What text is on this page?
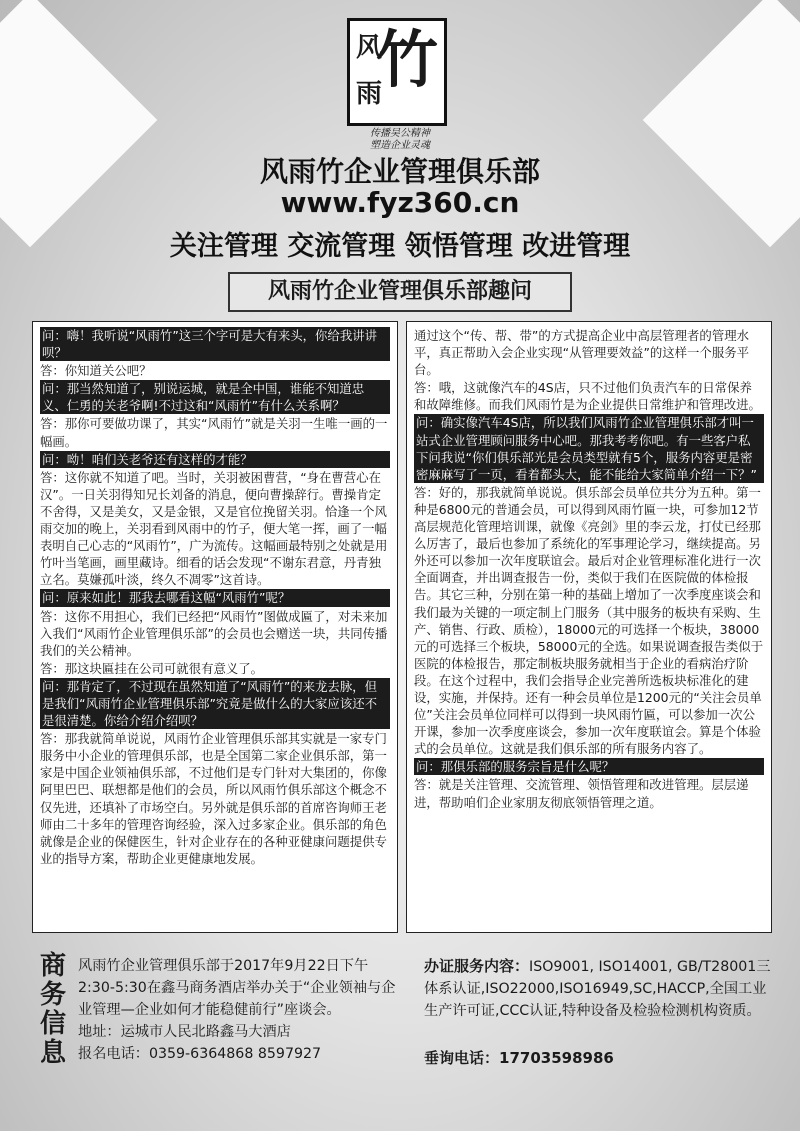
风
雨
竹
传播吴公精神
塑造企业灵魂
风雨竹企业管理俱乐部
www.fyz360.cn
关注管理 交流管理 领悟管理 改进管理
风雨竹企业管理俱乐部趣问
问：嗨！我听说“风雨竹”这三个字可是大有来头，你给我讲讲呗？
答：你知道关公吧？
问：那当然知道了，别说运城，就是全中国，谁能不知道忠义、仁勇的关老爷啊!不过这和“风雨竹”有什么关系啊？
答：那你可要做功课了，其实“风雨竹”就是关羽一生唯一画的一幅画。
问：呦！咱们关老爷还有这样的才能？
答：这你就不知道了吧。当时，关羽被困曹营，“身在曹营心在汉”。一日关羽得知兄长刘备的消息，便向曹操辞行。曹操肯定不舍得，又是美女，又是金银，又是官位挽留关羽。恰逢一个风雨交加的晚上，关羽看到风雨中的竹子，便大笔一挥，画了一幅表明自己心志的“风雨竹”，广为流传。这幅画最特别之处就是用竹叶当笔画，画里藏诗。细看的话会发现“不谢东君意，丹青独立名。莫嫌孤叶淡，终久不凋零”这首诗。
问：原来如此！那我去哪看这幅“风雨竹”呢？
答：这你不用担心，我们已经把“风雨竹”图做成匾了，对未来加入我们“风雨竹企业管理俱乐部”的会员也会赠送一块，共同传播我们的关公精神。
答：那这块匾挂在公司可就很有意义了。
问：那肯定了，不过现在虽然知道了“风雨竹”的来龙去脉，但是我们“风雨竹企业管理俱乐部”究竟是做什么的大家应该还不是很清楚。你给介绍介绍呗？
答：那我就简单说说，风雨竹企业管理俱乐部其实就是一家专门服务中小企业的管理俱乐部，也是全国第二家企业俱乐部，第一家是中国企业领袖俱乐部，不过他们是专门针对大集团的，你像阿里巴巴、联想都是他们的会员，所以风雨竹俱乐部这个概念不仅先进，还填补了市场空白。另外就是俱乐部的首席咨询师王老师由二十多年的管理咨询经验，深入过多家企业。俱乐部的角色就像是企业的保健医生，针对企业存在的各种亚健康问题提供专业的指导方案，帮助企业更健康地发展。
通过这个“传、帮、带”的方式提高企业中高层管理者的管理水平，真正帮助入会企业实现“从管理要效益”的这样一个服务平台。
答：哦，这就像汽车的4S店，只不过他们负责汽车的日常保养和故障维修。而我们风雨竹是为企业提供日常维护和管理改进。
问：确实像汽车4S店，所以我们风雨竹企业管理俱乐部才叫一站式企业管理顾问服务中心吧。那我考考你吧。有一些客户私下问我说“你们俱乐部光是会员类型就有5个，服务内容更是密密麻麻写了一页，看着都头大，能不能给大家简单介绍一下？”
答：好的，那我就简单说说。俱乐部会员单位共分为五种。第一种是6800元的普通会员，可以得到风雨竹匾一块，可参加12节高层规范化管理培训课，就像《亮剑》里的李云龙，打仗已经那么厉害了，最后也参加了系统化的军事理论学习，继续提高。另外还可以参加一次年度联谊会。最后对企业管理标准化进行一次全面调查，并出调查报告一份，类似于我们在医院做的体检报告。其它三种，分别在第一种的基础上增加了一次季度座谈会和我们最为关键的一项定制上门服务（其中服务的板块有采购、生产、销售、行政、质检），18000元的可选择一个板块，38000元的可选择三个板块，58000元的全选。如果说调查报告类似于医院的体检报告，那定制板块服务就相当于企业的看病治疗阶段。在这个过程中，我们会指导企业完善所选板块标准化的建设，实施，并保持。还有一种会员单位是1200元的“关注会员单位”关注会员单位同样可以得到一块风雨竹匾，可以参加一次公开课，参加一次季度座谈会，参加一次年度联谊会。算是个体验式的会员单位。这就是我们俱乐部的所有服务内容了。
问：那俱乐部的服务宗旨是什么呢？
答：就是关注管理、交流管理、领悟管理和改进管理。层层递进，帮助咱们企业家朋友彻底领悟管理之道。
商务信息
风雨竹企业管理俱乐部于2017年9月22日下午2:30-5:30在鑫马商务酒店举办关于“企业领袖与企业管理—企业如何才能稳健前行”座谈会。
地址：运城市人民北路鑫马大酒店
报名电话：0359-6364868 8597927
办证服务内容：ISO9001, ISO14001, GB/T28001三体系认证,ISO22000,ISO16949,SC,HACCP,全国工业生产许可证,CCC认证,特种设备及检验检测机构资质。
垂询电话：17703598986
